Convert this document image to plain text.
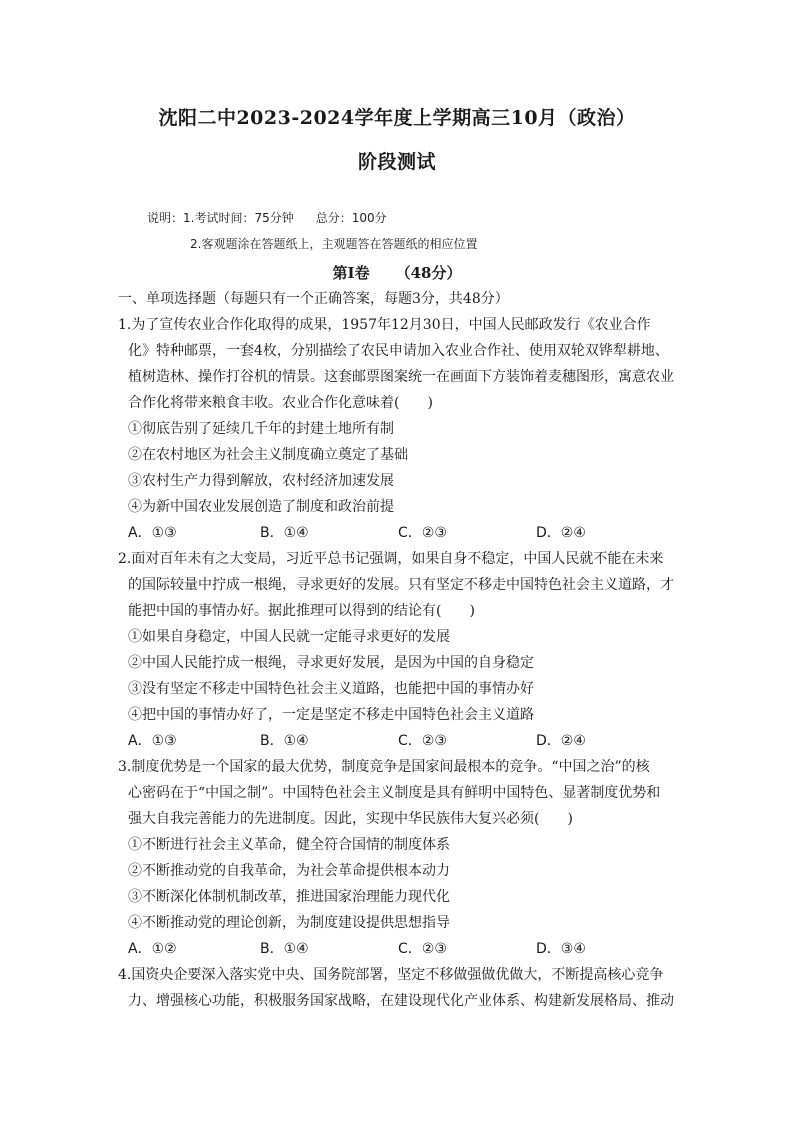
沈阳二中2023-2024学年度上学期高三10月（政治）
阶段测试
说明：1.考试时间：75分钟 总分：100分
2.客观题涂在答题纸上，主观题答在答题纸的相应位置
第Ⅰ卷 （48分）
一、单项选择题（每题只有一个正确答案，每题3分，共48分）
1.为了宣传农业合作化取得的成果，1957年12月30日，中国人民邮政发行《农业合作
化》特种邮票，一套4枚，分别描绘了农民申请加入农业合作社、使用双轮双铧犁耕地、
植树造林、操作打谷机的情景。这套邮票图案统一在画面下方装饰着麦穗图形，寓意农业
合作化将带来粮食丰收。农业合作化意味着(　　)
①彻底告别了延续几千年的封建土地所有制
②在农村地区为社会主义制度确立奠定了基础
③农村生产力得到解放，农村经济加速发展
④为新中国农业发展创造了制度和政治前提
A．①③	B．①④	C．②③	D．②④
2.面对百年未有之大变局，习近平总书记强调，如果自身不稳定，中国人民就不能在未来
的国际较量中拧成一根绳，寻求更好的发展。只有坚定不移走中国特色社会主义道路，才
能把中国的事情办好。据此推理可以得到的结论有(　　)
①如果自身稳定，中国人民就一定能寻求更好的发展
②中国人民能拧成一根绳，寻求更好发展，是因为中国的自身稳定
③没有坚定不移走中国特色社会主义道路，也能把中国的事情办好
④把中国的事情办好了，一定是坚定不移走中国特色社会主义道路
A．①③	B．①④	C．②③	D．②④
3.制度优势是一个国家的最大优势，制度竞争是国家间最根本的竞争。“中国之治”的核
心密码在于“中国之制”。中国特色社会主义制度是具有鲜明中国特色、显著制度优势和
强大自我完善能力的先进制度。因此，实现中华民族伟大复兴必须(　　)
①不断进行社会主义革命，健全符合国情的制度体系
②不断推动党的自我革命，为社会革命提供根本动力
③不断深化体制机制改革，推进国家治理能力现代化
④不断推动党的理论创新，为制度建设提供思想指导
A．①②	B．①④	C．②③	D．③④
4.国资央企要深入落实党中央、国务院部署，坚定不移做强做优做大，不断提高核心竞争
力、增强核心功能，积极服务国家战略，在建设现代化产业体系、构建新发展格局、推动
